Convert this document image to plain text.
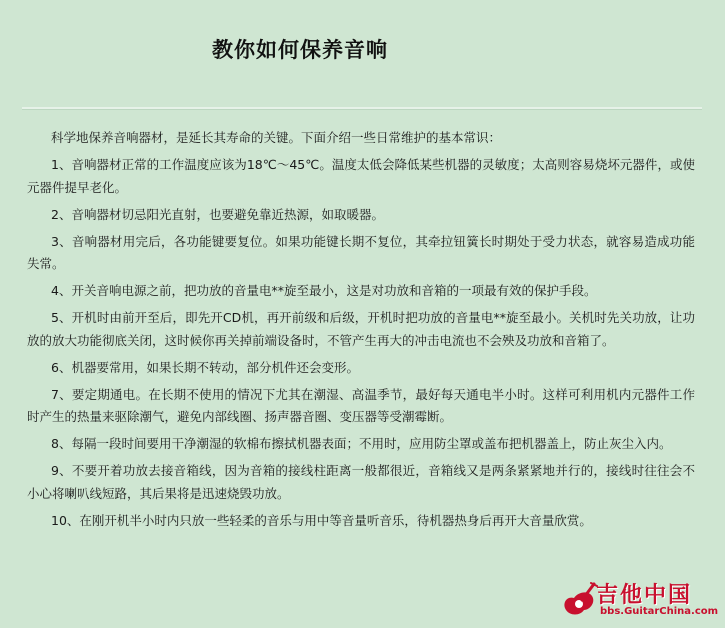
教你如何保养音响

科学地保养音响器材，是延长其寿命的关键。下面介绍一些日常维护的基本常识：

1、音响器材正常的工作温度应该为18℃～45℃。温度太低会降低某些机器的灵敏度；太高则容易烧坏元器件，或使元器件提早老化。

2、音响器材切忌阳光直射，也要避免靠近热源，如取暖器。

3、音响器材用完后，各功能键要复位。如果功能键长期不复位，其牵拉钮簧长时期处于受力状态，就容易造成功能失常。

4、开关音响电源之前，把功放的音量电**旋至最小，这是对功放和音箱的一项最有效的保护手段。

5、开机时由前开至后，即先开CD机，再开前级和后级，开机时把功放的音量电**旋至最小。关机时先关功放，让功放的放大功能彻底关闭，这时候你再关掉前端设备时，不管产生再大的冲击电流也不会殃及功放和音箱了。

6、机器要常用，如果长期不转动，部分机件还会变形。

7、要定期通电。在长期不使用的情况下尤其在潮湿、高温季节，最好每天通电半小时。这样可利用机内元器件工作时产生的热量来驱除潮气，避免内部线圈、扬声器音圈、变压器等受潮霉断。

8、每隔一段时间要用干净潮湿的软棉布擦拭机器表面；不用时，应用防尘罩或盖布把机器盖上，防止灰尘入内。

9、不要开着功放去接音箱线，因为音箱的接线柱距离一般都很近，音箱线又是两条紧紧地并行的，接线时往往会不小心将喇叭线短路，其后果将是迅速烧毁功放。

10、在刚开机半小时内只放一些轻柔的音乐与用中等音量听音乐，待机器热身后再开大音量欣赏。

吉他中国
bbs.GuitarChina.com
